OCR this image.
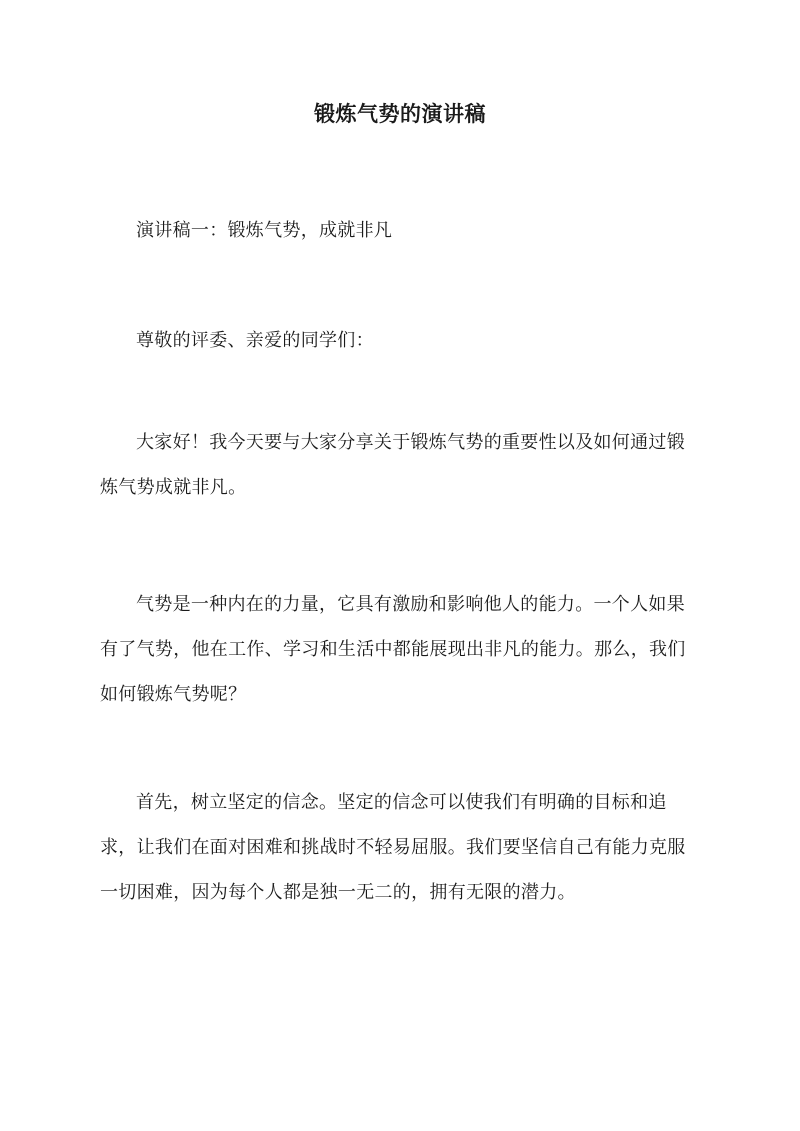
锻炼气势的演讲稿

演讲稿一：锻炼气势，成就非凡

尊敬的评委、亲爱的同学们：

大家好！我今天要与大家分享关于锻炼气势的重要性以及如何通过锻炼气势成就非凡。

气势是一种内在的力量，它具有激励和影响他人的能力。一个人如果有了气势，他在工作、学习和生活中都能展现出非凡的能力。那么，我们如何锻炼气势呢？

首先，树立坚定的信念。坚定的信念可以使我们有明确的目标和追求，让我们在面对困难和挑战时不轻易屈服。我们要坚信自己有能力克服一切困难，因为每个人都是独一无二的，拥有无限的潜力。
